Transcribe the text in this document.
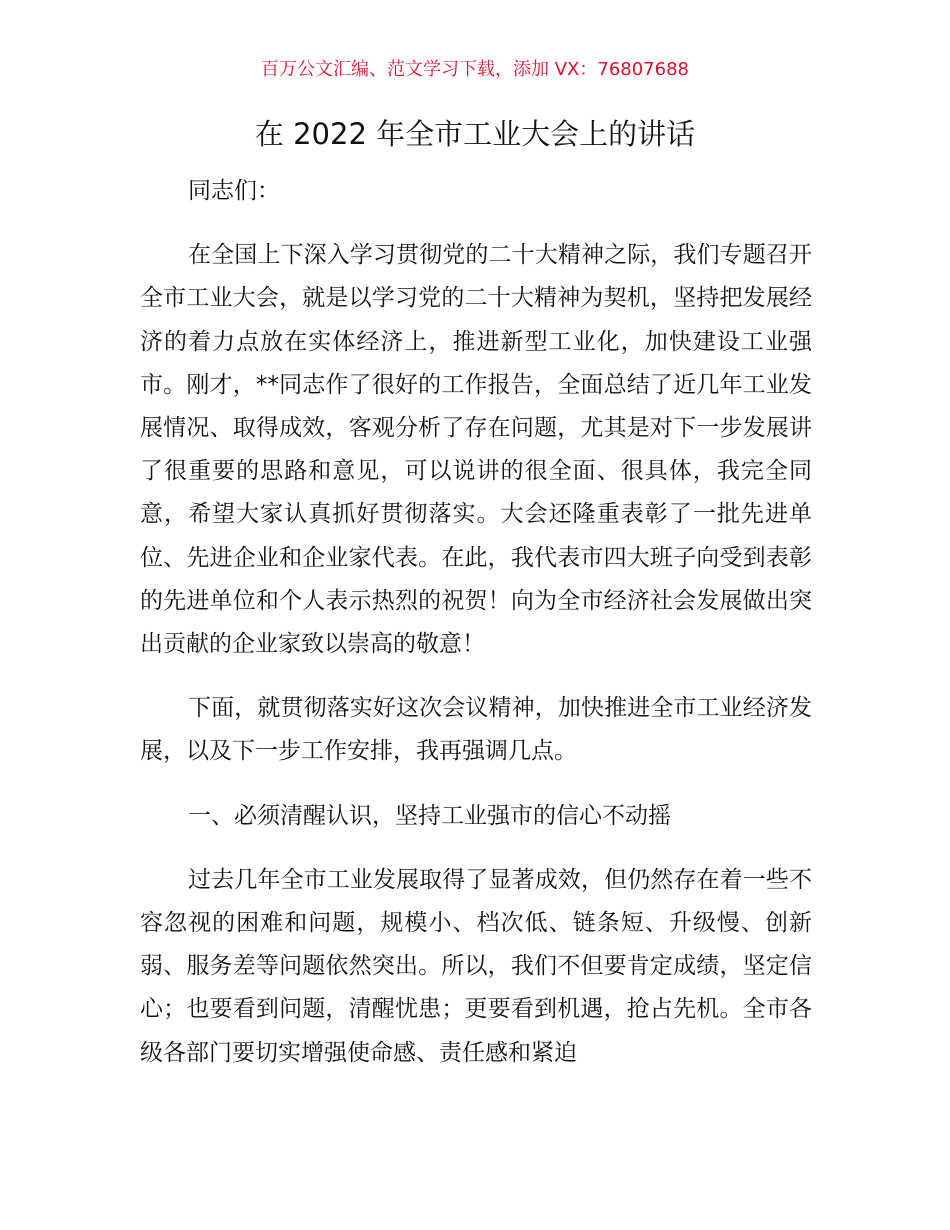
百万公文汇编、范文学习下载，添加 VX：76807688
在 2022 年全市工业大会上的讲话

同志们：

在全国上下深入学习贯彻党的二十大精神之际，我们专题召开全市工业大会，就是以学习党的二十大精神为契机，坚持把发展经济的着力点放在实体经济上，推进新型工业化，加快建设工业强市。刚才，**同志作了很好的工作报告，全面总结了近几年工业发展情况、取得成效，客观分析了存在问题，尤其是对下一步发展讲了很重要的思路和意见，可以说讲的很全面、很具体，我完全同意，希望大家认真抓好贯彻落实。大会还隆重表彰了一批先进单位、先进企业和企业家代表。在此，我代表市四大班子向受到表彰的先进单位和个人表示热烈的祝贺！向为全市经济社会发展做出突出贡献的企业家致以崇高的敬意！

下面，就贯彻落实好这次会议精神，加快推进全市工业经济发展，以及下一步工作安排，我再强调几点。

一、必须清醒认识，坚持工业强市的信心不动摇

过去几年全市工业发展取得了显著成效，但仍然存在着一些不容忽视的困难和问题，规模小、档次低、链条短、升级慢、创新弱、服务差等问题依然突出。所以，我们不但要肯定成绩，坚定信心；也要看到问题，清醒忧患；更要看到机遇，抢占先机。全市各级各部门要切实增强使命感、责任感和紧迫
